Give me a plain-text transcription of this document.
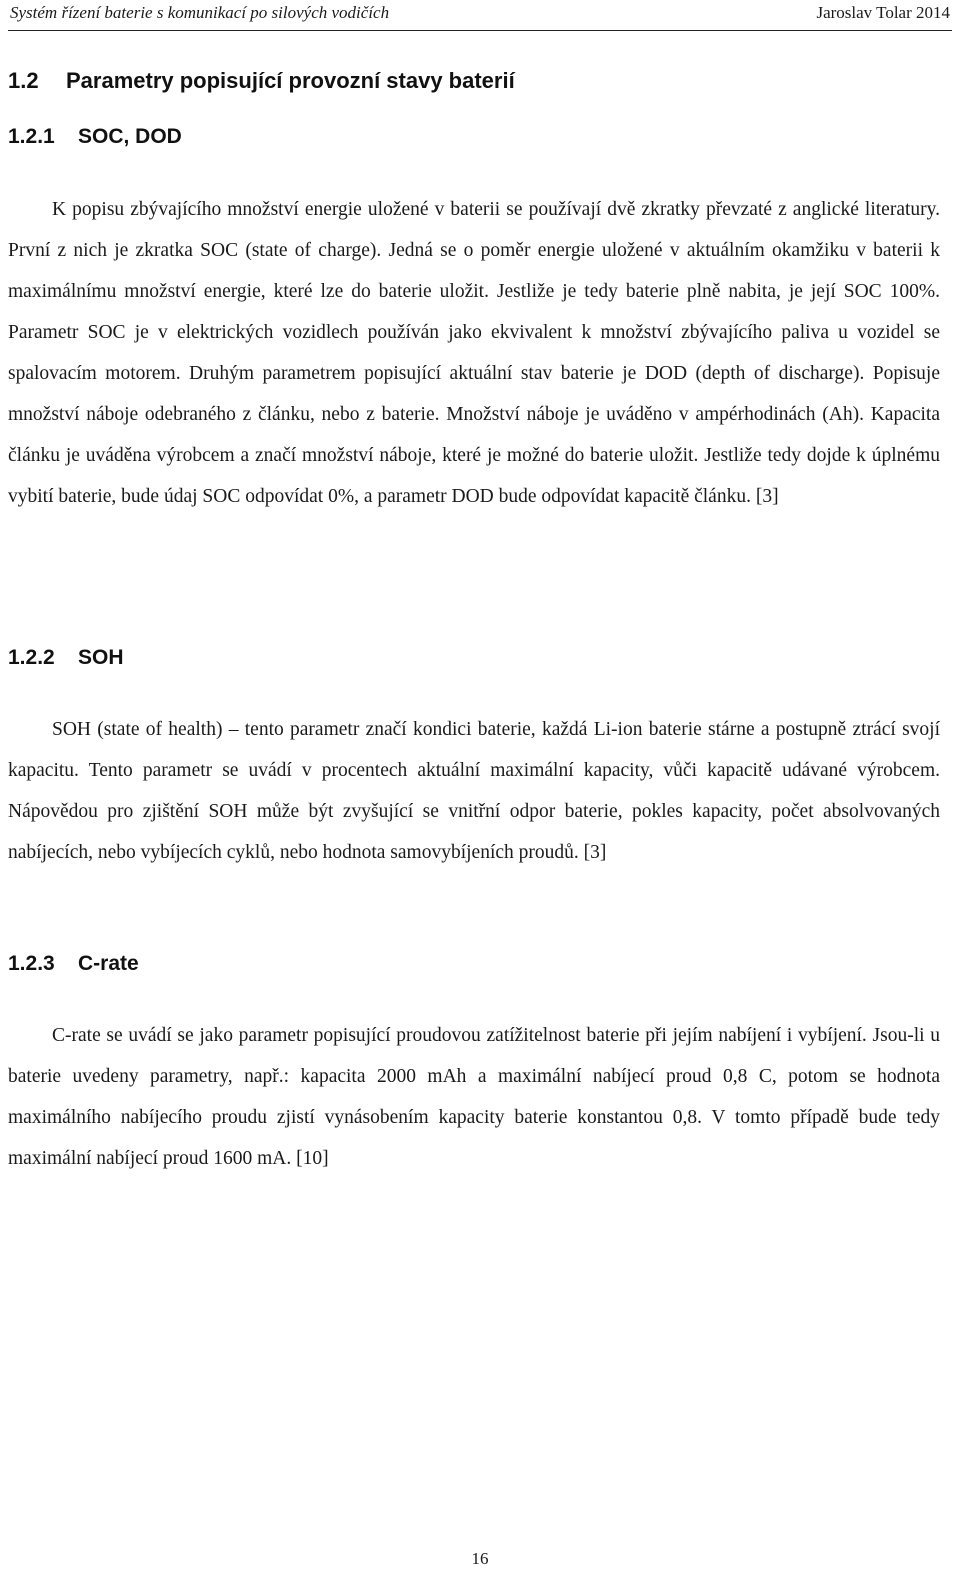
Systém řízení baterie s komunikací po silových vodičích	Jaroslav Tolar 2014
1.2 Parametry popisující provozní stavy baterií
1.2.1 SOC, DOD

K popisu zbývajícího množství energie uložené v baterii se používají dvě zkratky převzaté z anglické literatury. První z nich je zkratka SOC (state of charge). Jedná se o poměr energie uložené v aktuálním okamžiku v baterii k maximálnímu množství energie, které lze do baterie uložit. Jestliže je tedy baterie plně nabita, je její SOC 100%. Parametr SOC je v elektrických vozidlech používán jako ekvivalent k množství zbývajícího paliva u vozidel se spalovacím motorem. Druhým parametrem popisující aktuální stav baterie je DOD (depth of discharge). Popisuje množství náboje odebraného z článku, nebo z baterie. Množství náboje je uváděno v ampérhodinách (Ah). Kapacita článku je uváděna výrobcem a značí množství náboje, které je možné do baterie uložit. Jestliže tedy dojde k úplnému vybití baterie, bude údaj SOC odpovídat 0%, a parametr DOD bude odpovídat kapacitě článku. [3]

1.2.2 SOH

SOH (state of health) – tento parametr značí kondici baterie, každá Li-ion baterie stárne a postupně ztrácí svojí kapacitu. Tento parametr se uvádí v procentech aktuální maximální kapacity, vůči kapacitě udávané výrobcem. Nápovědou pro zjištění SOH může být zvyšující se vnitřní odpor baterie, pokles kapacity, počet absolvovaných nabíjecích, nebo vybíjecích cyklů, nebo hodnota samovybíjeních proudů. [3]

1.2.3 C-rate

C-rate se uvádí se jako parametr popisující proudovou zatížitelnost baterie při jejím nabíjení i vybíjení. Jsou-li u baterie uvedeny parametry, např.: kapacita 2000 mAh a maximální nabíjecí proud 0,8 C, potom se hodnota maximálního nabíjecího proudu zjistí vynásobením kapacity baterie konstantou 0,8. V tomto případě bude tedy maximální nabíjecí proud 1600 mA. [10]

16
